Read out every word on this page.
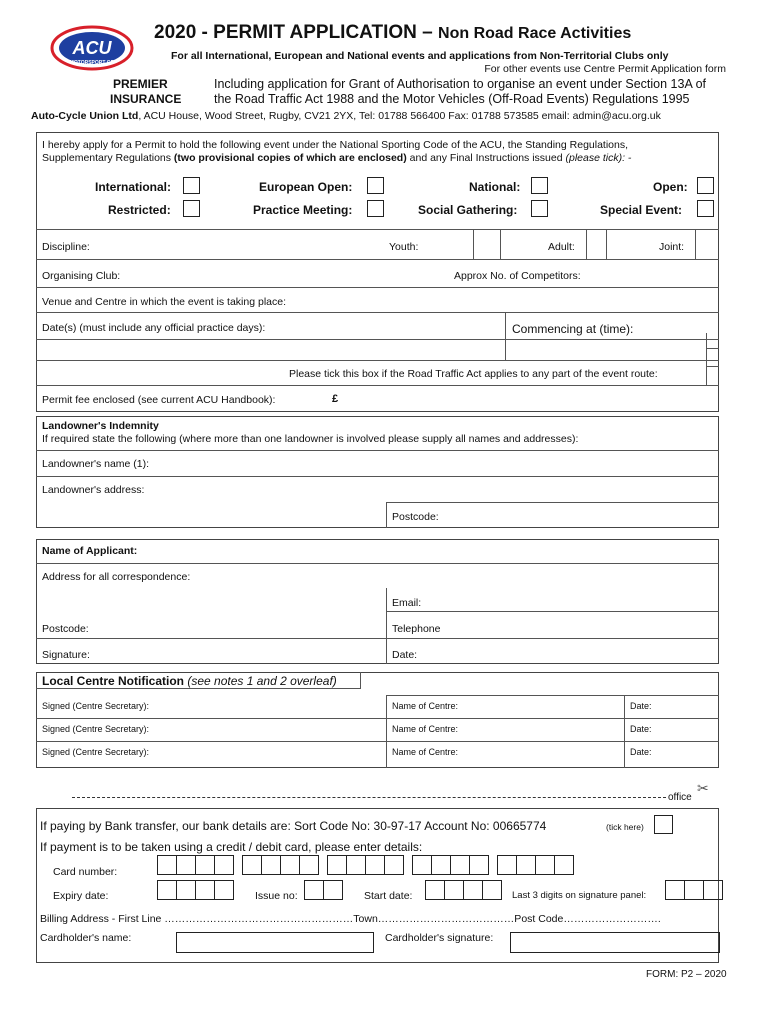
ACU
MOTORSPORT GB
2020 - PERMIT APPLICATION – Non Road Race Activities
For all International, European and National events and applications from Non-Territorial Clubs only
For other events use Centre Permit Application form
PREMIER
INSURANCE
Including application for Grant of Authorisation to organise an event under Section 13A of
the Road Traffic Act 1988 and the Motor Vehicles (Off-Road Events) Regulations 1995
Auto-Cycle Union Ltd, ACU House, Wood Street, Rugby, CV21 2YX, Tel: 01788 566400 Fax: 01788 573585 email: admin@acu.org.uk
I hereby apply for a Permit to hold the following event under the National Sporting Code of the ACU, the Standing Regulations,
Supplementary Regulations (two provisional copies of which are enclosed) and any Final Instructions issued (please tick): -
International:	European Open:	National:	Open:
Restricted:	Practice Meeting:	Social Gathering:	Special Event:
Discipline:	Youth:	Adult:	Joint:
Organising Club:	Approx No. of Competitors:
Venue and Centre in which the event is taking place:
Date(s) (must include any official practice days):	Commencing at (time):
Please tick this box if the Road Traffic Act applies to any part of the event route:
Permit fee enclosed (see current ACU Handbook):	£
Landowner's Indemnity
If required state the following (where more than one landowner is involved please supply all names and addresses):
Landowner's name (1):
Landowner's address:
Postcode:
Name of Applicant:
Address for all correspondence:
Email:
Postcode:	Telephone
Signature:	Date:
Local Centre Notification (see notes 1 and 2 overleaf)
Signed (Centre Secretary):	Name of Centre:	Date:
Signed (Centre Secretary):	Name of Centre:	Date:
Signed (Centre Secretary):	Name of Centre:	Date:
office
✂
If paying by Bank transfer, our bank details are: Sort Code No: 30-97-17 Account No: 00665774	(tick here)
If payment is to be taken using a credit / debit card, please enter details:
Card number:
Expiry date:	Issue no:	Start date:	Last 3 digits on signature panel:
Billing Address - First Line ………………………………………………Town…………………………………Post Code……………………….
Cardholder's name:	Cardholder's signature:
FORM: P2 – 2020
